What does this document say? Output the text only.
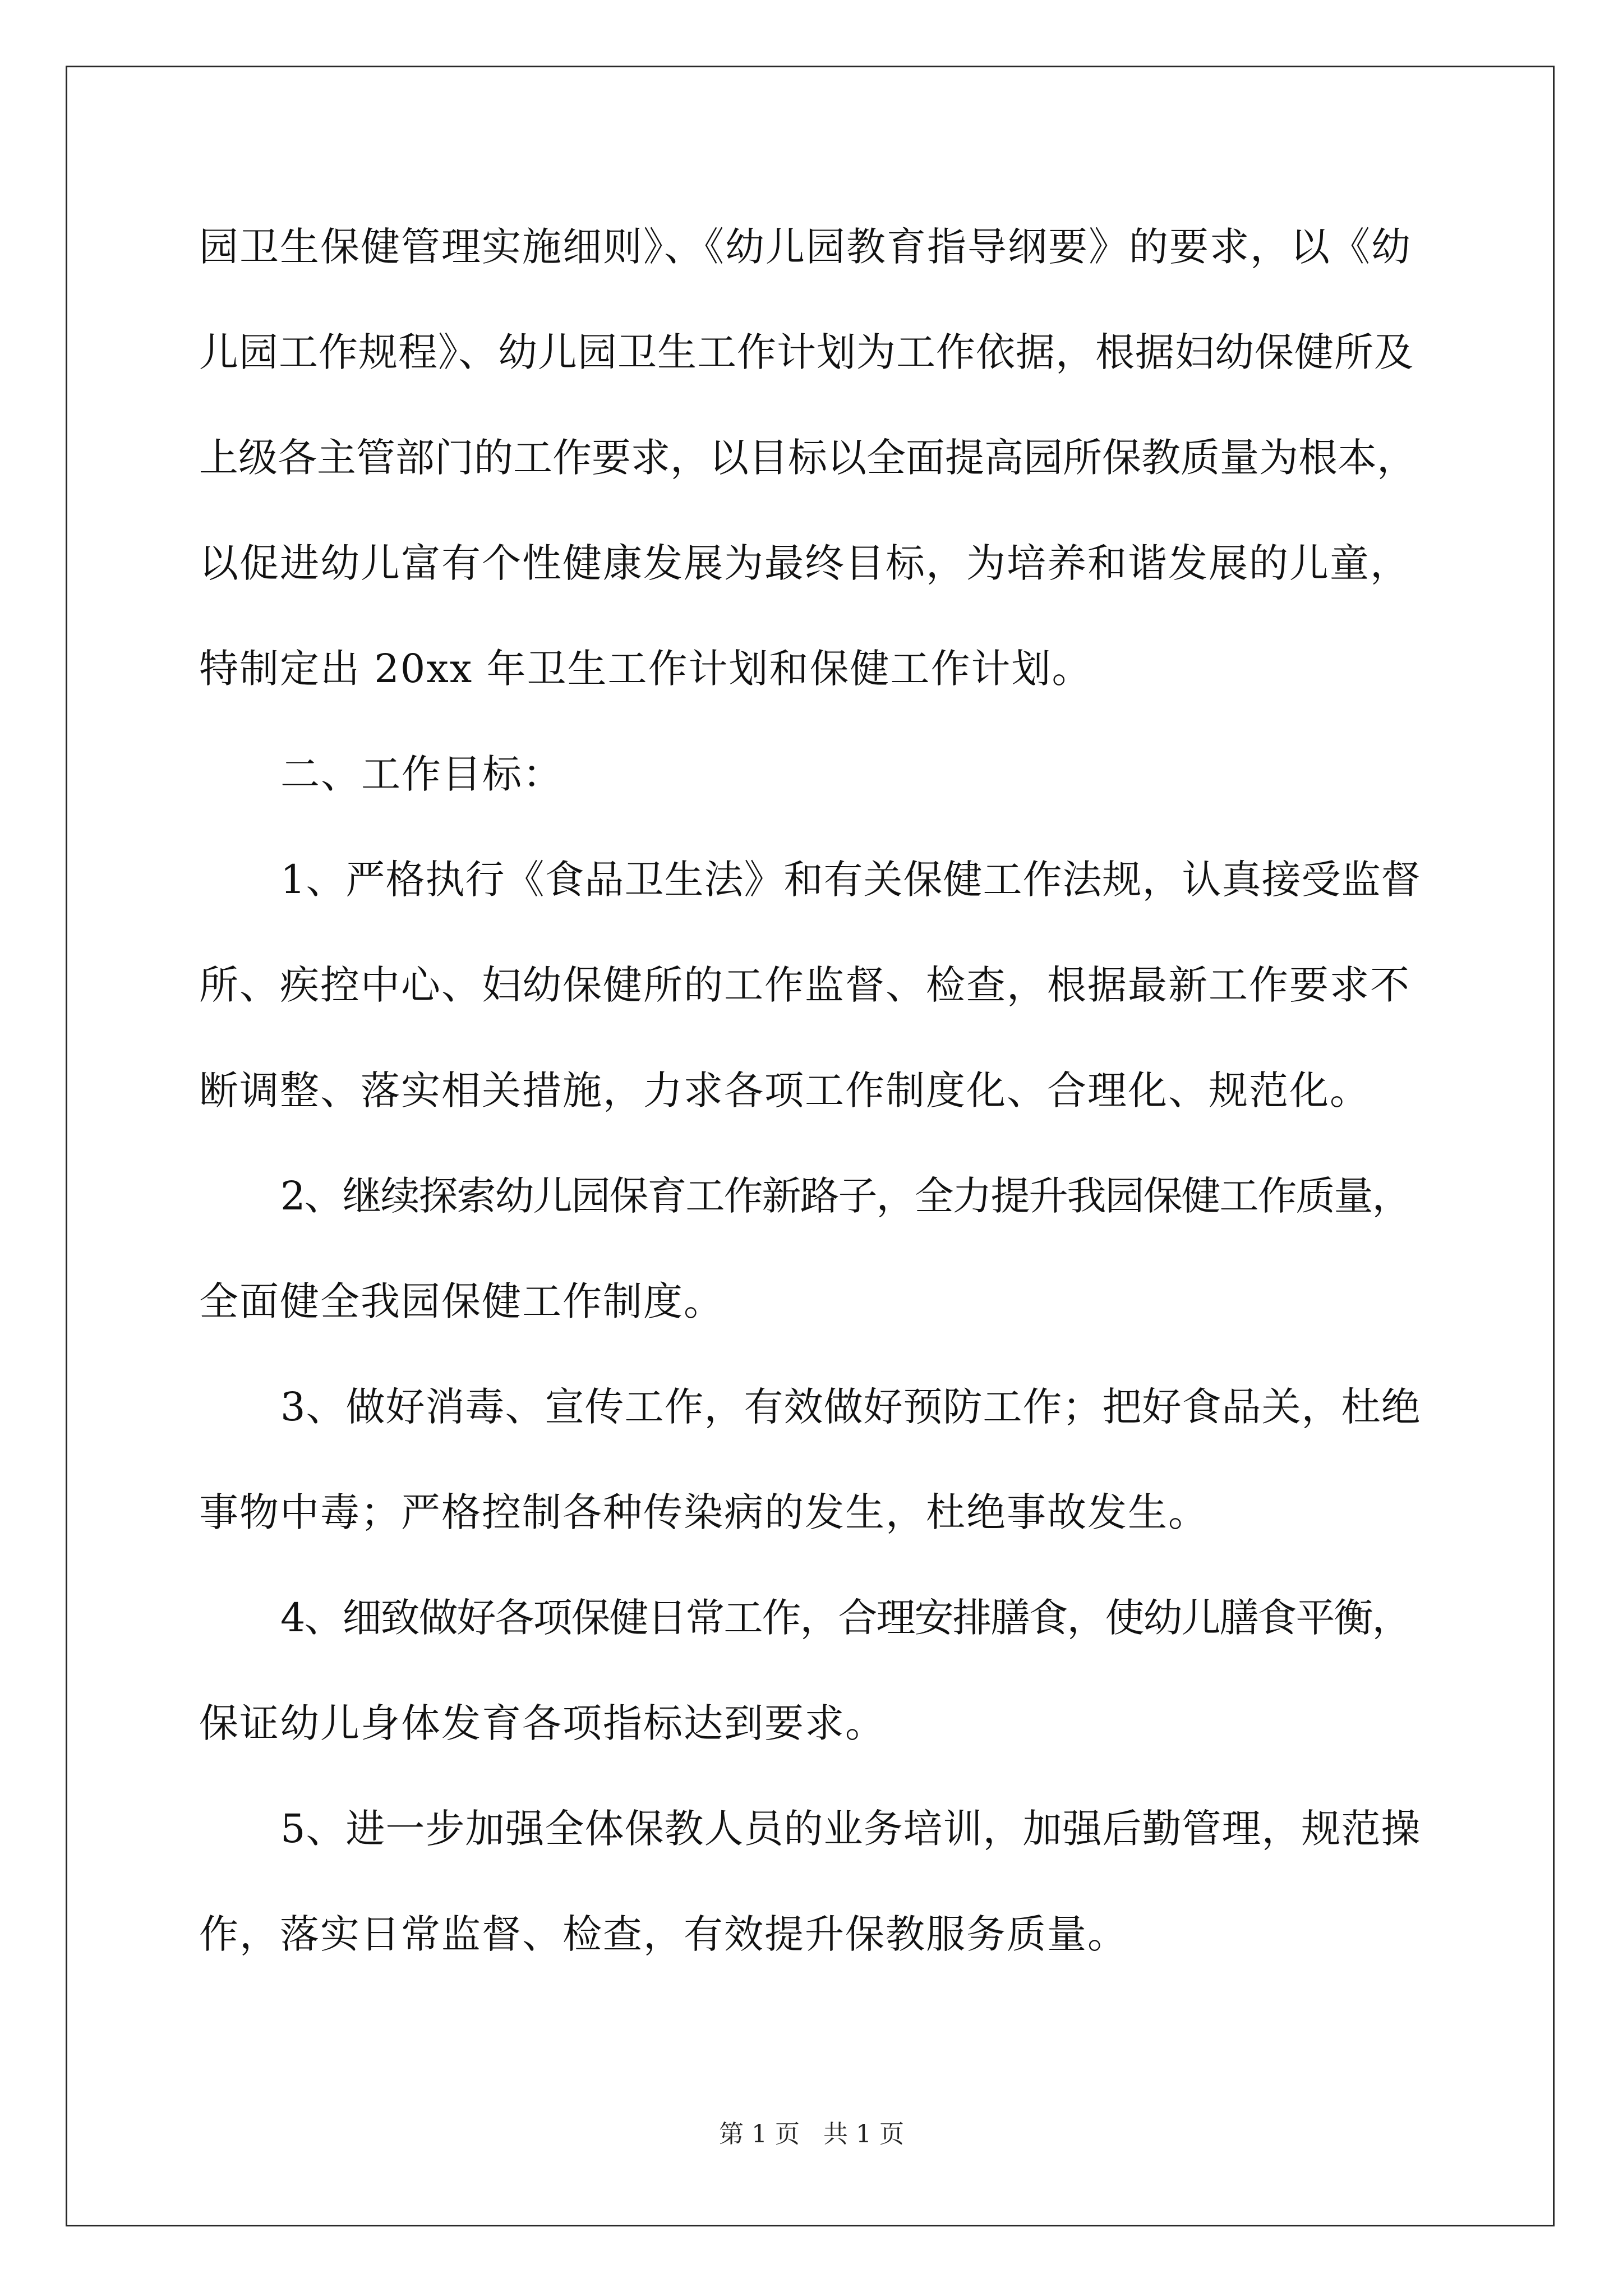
园卫生保健管理实施细则》、《幼儿园教育指导纲要》的要求，以《幼
儿园工作规程》、幼儿园卫生工作计划为工作依据，根据妇幼保健所及
上级各主管部门的工作要求，以目标以全面提高园所保教质量为根本，
以促进幼儿富有个性健康发展为最终目标，为培养和谐发展的儿童，
特制定出 20xx 年卫生工作计划和保健工作计划。
二、工作目标：
1、严格执行《食品卫生法》和有关保健工作法规，认真接受监督
所、疾控中心、妇幼保健所的工作监督、检查，根据最新工作要求不
断调整、落实相关措施，力求各项工作制度化、合理化、规范化。
2、继续探索幼儿园保育工作新路子，全力提升我园保健工作质量，
全面健全我园保健工作制度。
3、做好消毒、宣传工作，有效做好预防工作；把好食品关，杜绝
事物中毒；严格控制各种传染病的发生，杜绝事故发生。
4、细致做好各项保健日常工作，合理安排膳食，使幼儿膳食平衡，
保证幼儿身体发育各项指标达到要求。
5、进一步加强全体保教人员的业务培训，加强后勤管理，规范操
作，落实日常监督、检查，有效提升保教服务质量。
第 1 页   共 1 页
